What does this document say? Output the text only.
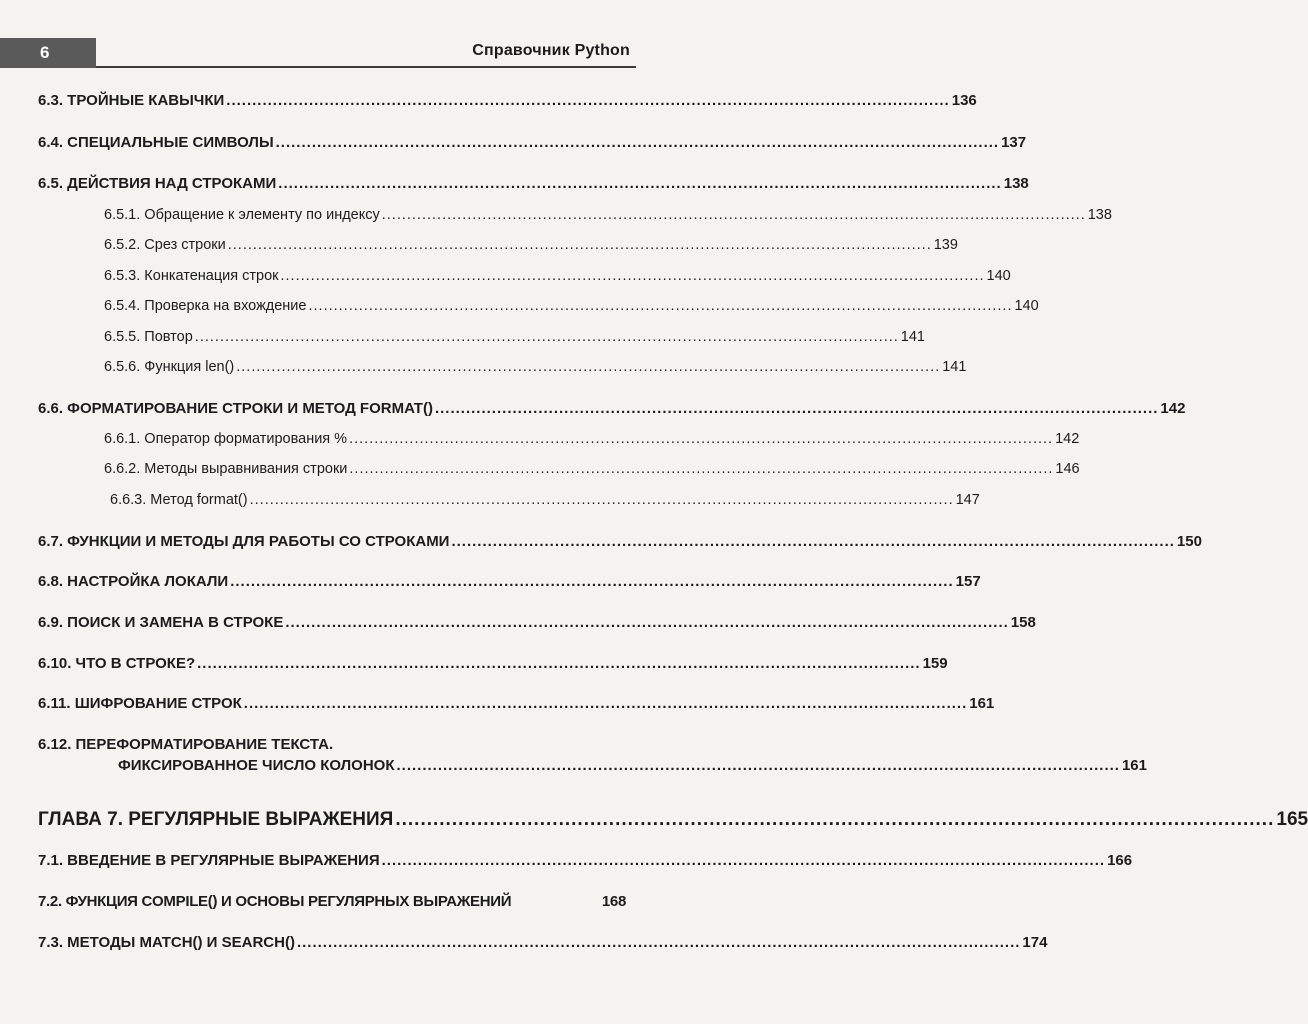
6	Справочник Python
6.3. ТРОЙНЫЕ КАВЫЧКИ ............................................................................................................................................ 136
6.4. СПЕЦИАЛЬНЫЕ СИМВОЛЫ ............................................................................................................................................ 137
6.5. ДЕЙСТВИЯ НАД СТРОКАМИ ............................................................................................................................................ 138
6.5.1. Обращение к элементу по индексу ............................................................................................................................................ 138
6.5.2. Срез строки ............................................................................................................................................ 139
6.5.3. Конкатенация строк ............................................................................................................................................ 140
6.5.4. Проверка на вхождение ............................................................................................................................................ 140
6.5.5. Повтор ............................................................................................................................................ 141
6.5.6. Функция len() ............................................................................................................................................ 141
6.6. ФОРМАТИРОВАНИЕ СТРОКИ И МЕТОД FORMAT() ............................................................................................................................................ 142
6.6.1. Оператор форматирования % ............................................................................................................................................ 142
6.6.2. Методы выравнивания строки ............................................................................................................................................ 146
6.6.3. Метод format() ............................................................................................................................................ 147
6.7. ФУНКЦИИ И МЕТОДЫ ДЛЯ РАБОТЫ СО СТРОКАМИ ............................................................................................................................................ 150
6.8. НАСТРОЙКА ЛОКАЛИ ............................................................................................................................................ 157
6.9. ПОИСК И ЗАМЕНА В СТРОКЕ ............................................................................................................................................ 158
6.10. ЧТО В СТРОКЕ? ............................................................................................................................................ 159
6.11. ШИФРОВАНИЕ СТРОК ............................................................................................................................................ 161
6.12. ПЕРЕФОРМАТИРОВАНИЕ ТЕКСТА.
ФИКСИРОВАННОЕ ЧИСЛО КОЛОНОК ............................................................................................................................................ 161
ГЛАВА 7. РЕГУЛЯРНЫЕ ВЫРАЖЕНИЯ ............................................................................................................................................ 165
7.1. ВВЕДЕНИЕ В РЕГУЛЯРНЫЕ ВЫРАЖЕНИЯ ............................................................................................................................................ 166
7.2. ФУНКЦИЯ COMPILE() И ОСНОВЫ РЕГУЛЯРНЫХ ВЫРАЖЕНИЙ	168
7.3. МЕТОДЫ MATCH() И SEARCH() ............................................................................................................................................ 174
